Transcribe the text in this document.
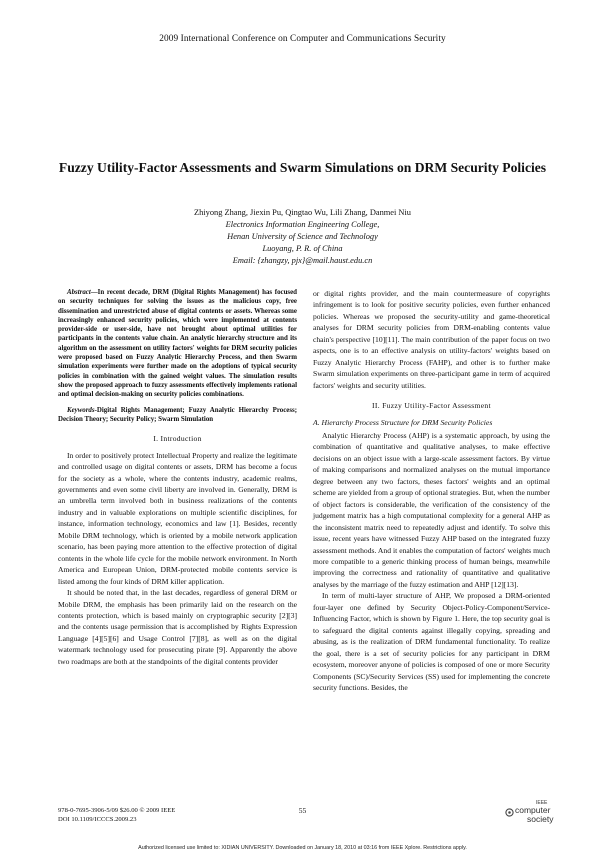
2009 International Conference on Computer and Communications Security
Fuzzy Utility-Factor Assessments and Swarm Simulations on DRM Security Policies
Zhiyong Zhang, Jiexin Pu, Qingtao Wu, Lili Zhang, Danmei Niu
Electronics Information Engineering College,
Henan University of Science and Technology
Luoyang, P. R. of China
Email: {zhangzy, pjx}@mail.haust.edu.cn

Abstract—In recent decade, DRM (Digital Rights Management) has focused on security techniques for solving the issues as the malicious copy, free dissemination and unrestricted abuse of digital contents or assets. Whereas some increasingly enhanced security policies, which were implemented at contents provider-side or user-side, have not brought about optimal utilities for participants in the contents value chain. An analytic hierarchy structure and its algorithm on the assessment on utility factors' weights for DRM security policies were proposed based on Fuzzy Analytic Hierarchy Process, and then Swarm simulation experiments were further made on the adoptions of typical security policies in combination with the gained weight values. The simulation results show the proposed approach to fuzzy assessments effectively implements rational and optimal decision-making on security policies combinations.

Keywords-Digital Rights Management; Fuzzy Analytic Hierarchy Process; Decision Theory; Security Policy; Swarm Simulation

I. Introduction

In order to positively protect Intellectual Property and realize the legitimate and controlled usage on digital contents or assets, DRM has become a focus for the society as a whole, where the contents industry, academic realms, governments and even some civil liberty are involved in. Generally, DRM is an umbrella term involved both in business realizations of the contents industry and in valuable explorations on multiple scientific disciplines, for instance, information technology, economics and law [1]. Besides, recently Mobile DRM technology, which is oriented by a mobile network application scenario, has been paying more attention to the effective protection of digital contents in the whole life cycle for the mobile network environment. In North America and European Union, DRM-protected mobile contents service is listed among the four kinds of DRM killer application.

It should be noted that, in the last decades, regardless of general DRM or Mobile DRM, the emphasis has been primarily laid on the research on the contents protection, which is based mainly on cryptographic security [2][3] and the contents usage permission that is accomplished by Rights Expression Language [4][5][6] and Usage Control [7][8], as well as on the digital watermark technology used for prosecuting pirate [9]. Apparently the above two roadmaps are both at the standpoints of the digital contents provider

or digital rights provider, and the main countermeasure of copyrights infringement is to look for positive security policies, even further enhanced policies. Whereas we proposed the security-utility and game-theoretical analyses for DRM security policies from DRM-enabling contents value chain's perspective [10][11]. The main contribution of the paper focus on two aspects, one is to an effective analysis on utility-factors' weights based on Fuzzy Analytic Hierarchy Process (FAHP), and other is to further make Swarm simulation experiments on three-participant game in term of acquired factors' weights and security utilities.

II. Fuzzy Utility-Factor Assessment
A. Hierarchy Process Structure for DRM Security Policies

Analytic Hierarchy Process (AHP) is a systematic approach, by using the combination of quantitative and qualitative analyses, to make effective decisions on an object issue with a large-scale assessment factors. By virtue of making comparisons and normalized analyses on the mutual importance degree between any two factors, theses factors' weights and an optimal scheme are yielded from a group of optional strategies. But, when the number of object factors is considerable, the verification of the consistency of the judgement matrix has a high computational complexity for a general AHP as the inconsistent matrix need to repeatedly adjust and identify. To solve this issue, recent years have witnessed Fuzzy AHP based on the integrated fuzzy assessment methods. And it enables the computation of factors' weights much more compatible to a generic thinking process of human beings, meanwhile improving the correctness and rationality of quantitative and qualitative analyses by the marriage of the fuzzy estimation and AHP [12][13].

In term of multi-layer structure of AHP, We proposed a DRM-oriented four-layer one defined by Security Object-Policy-Component/Service-Influencing Factor, which is shown by Figure 1. Here, the top security goal is to safeguard the digital contents against illegally copying, spreading and abusing, as is the realization of DRM fundamental functionality. To realize the goal, there is a set of security policies for any participant in DRM ecosystem, moreover anyone of policies is composed of one or more Security Components (SC)/Security Services (SS) used for implementing the concrete security functions. Besides, the

978-0-7695-3906-5/09 $26.00 © 2009 IEEE
DOI 10.1109/ICCCS.2009.23
55
IEEE
computer
society
Authorized licensed use limited to: XIDIAN UNIVERSITY. Downloaded on January 18, 2010 at 03:16 from IEEE Xplore. Restrictions apply.
